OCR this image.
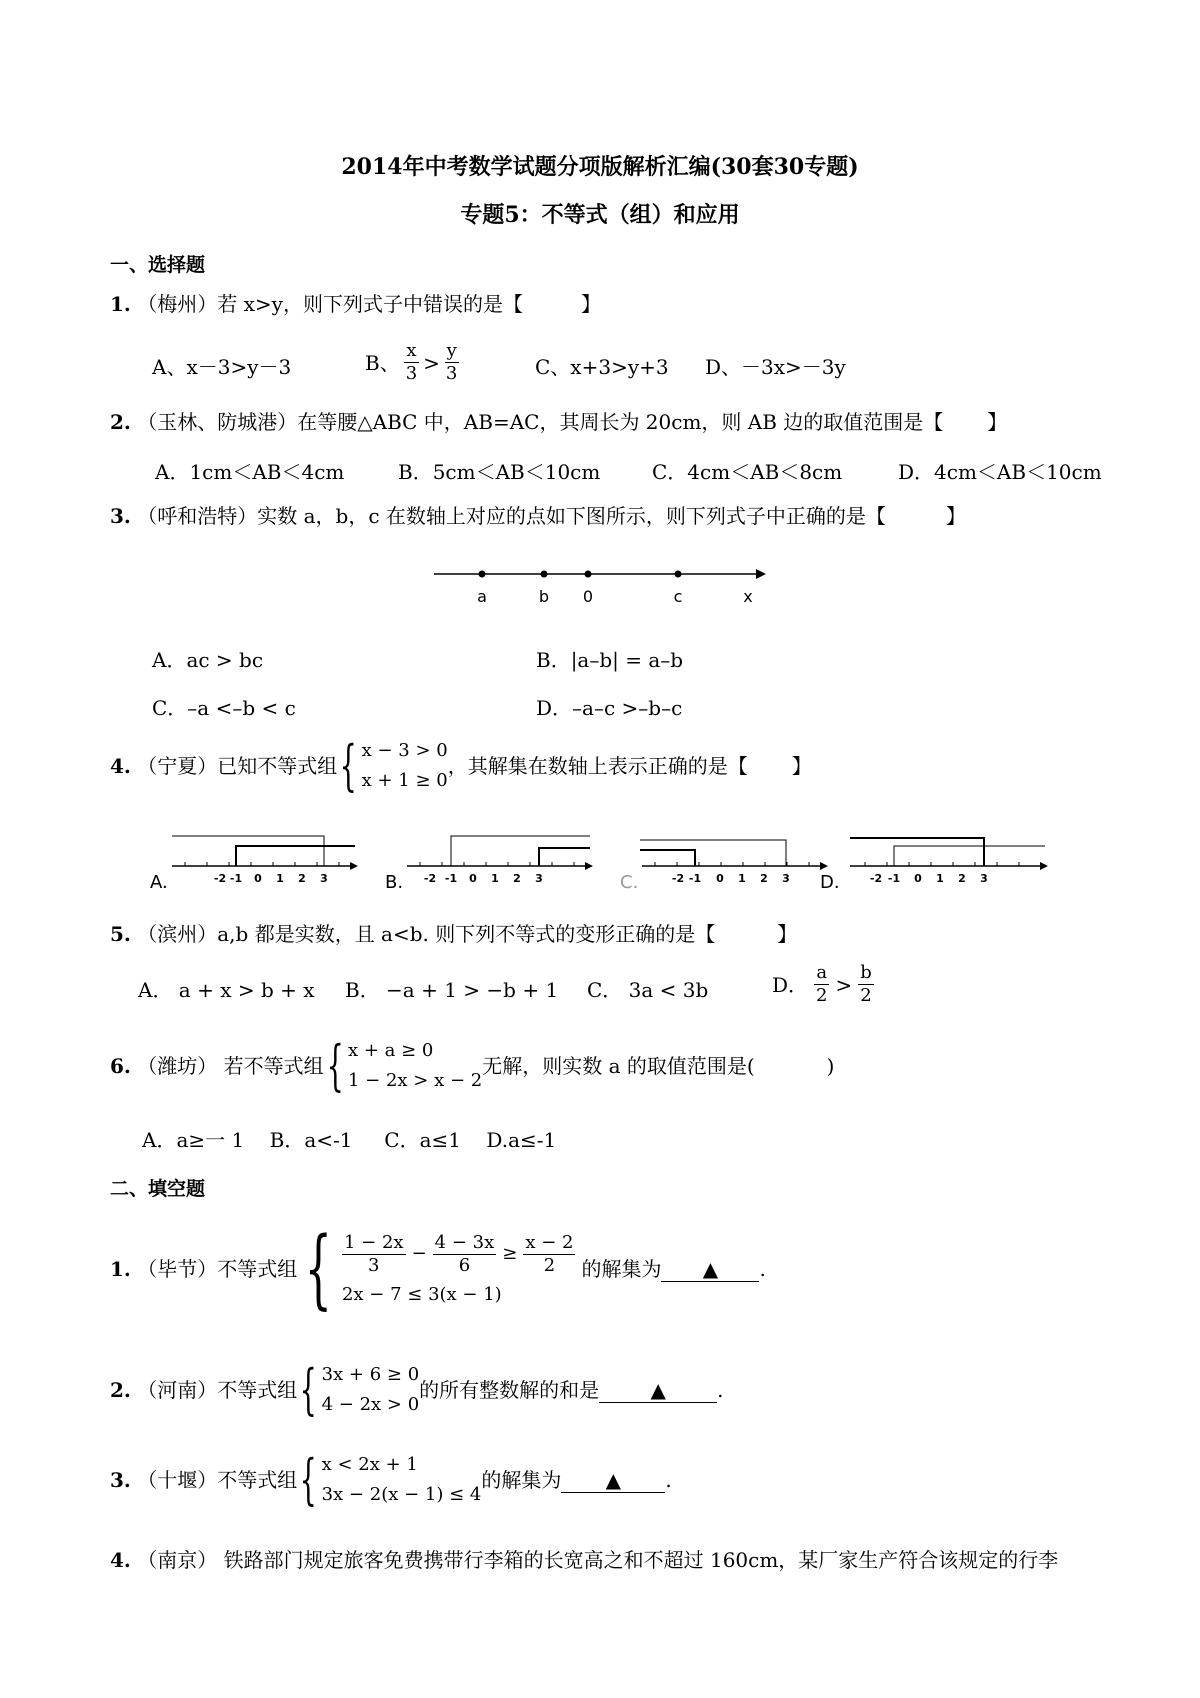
2014年中考数学试题分项版解析汇编(30套30专题)
专题5：不等式（组）和应用
一、选择题
1. （梅州）若 x>y，则下列式子中错误的是【	】
A、x－3>y－3	B、 $\frac{x}{3} > \frac{y}{3}$	C、x+3>y+3 D、－3x>－3y
2. （玉林、防城港）在等腰△ABC 中，AB=AC，其周长为 20cm，则 AB 边的取值范围是【 】
A．1cm＜AB＜4cm	B．5cm＜AB＜10cm	C．4cm＜AB＜8cm	D．4cm＜AB＜10cm
3. （呼和浩特）实数 a，b，c 在数轴上对应的点如下图所示，则下列式子中正确的是【	】
a	b 0	c	x
A．ac > bc	B．|a–b| = a–b
C．–a <–b < c	D．–a–c >–b–c
4.
（宁夏）已知不等式组 { x − 3 > 0
x + 1 ≥ 0
，其解集在数轴上表示正确的是【 】
A.	-2 -1 0 1 2 3	B. -2 -1 0 1 2 3	C.	-2 -1 0 1 2 3 D.	-2 -1 0 1 2 3
5. （滨州）a,b 都是实数，且 a<b. 则下列不等式的变形正确的是【	】
A． a + x > b + x B． −a + 1 > −b + 1 C． 3a < 3b	D． $\frac{a}{2} > \frac{b}{2}$
6.
（潍坊） 若不等式组 { x + a ≥ 0
1 − 2x > x − 2
无解，则实数 a 的取值范围是(	)
A．a≥一 1    B．a<-1     C．a≤1    D.a≤-1
二、填空题
1.
（毕节）不等式组 { $\frac{1 - 2x}{3} - \frac{4 - 3x}{6} \ge \frac{x - 2}{2}$
2x − 7 ≤ 3(x − 1)
的解集为	▲	.
2.
（河南）不等式组 { 3x + 6 ≥ 0
4 − 2x > 0
的所有整数解的和是	▲	.
3.
（十堰）不等式组 { x < 2x + 1
3x − 2(x − 1) ≤ 4
的解集为	▲	.
4. （南京） 铁路部门规定旅客免费携带行李箱的长宽高之和不超过 160cm，某厂家生产符合该规定的行李
